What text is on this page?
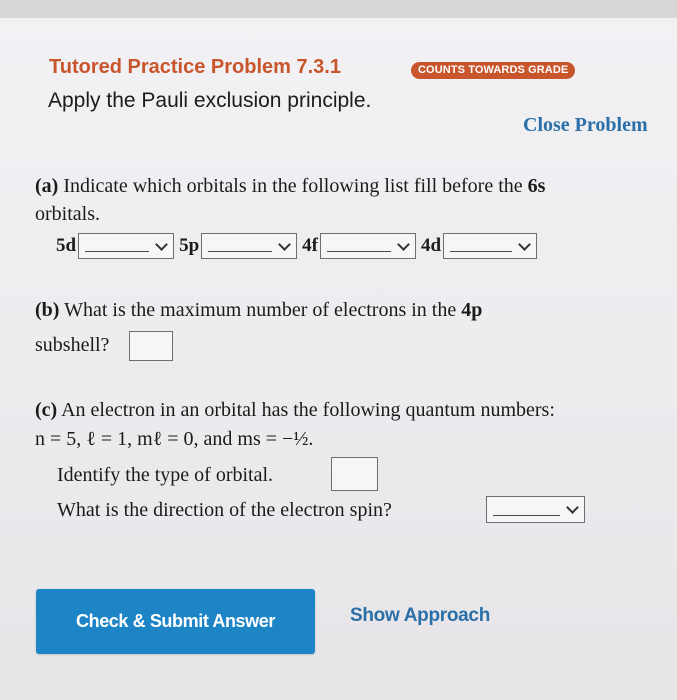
Tutored Practice Problem 7.3.1	COUNTS TOWARDS GRADE
Apply the Pauli exclusion principle.
Close Problem
(a) Indicate which orbitals in the following list fill before the 6s
orbitals.
5d	5p	4f	4d
(b) What is the maximum number of electrons in the 4p
subshell?
(c) An electron in an orbital has the following quantum numbers:
n = 5, ℓ = 1, mℓ = 0, and ms = −½.
Identify the type of orbital.
What is the direction of the electron spin?
Check & Submit Answer	Show Approach
